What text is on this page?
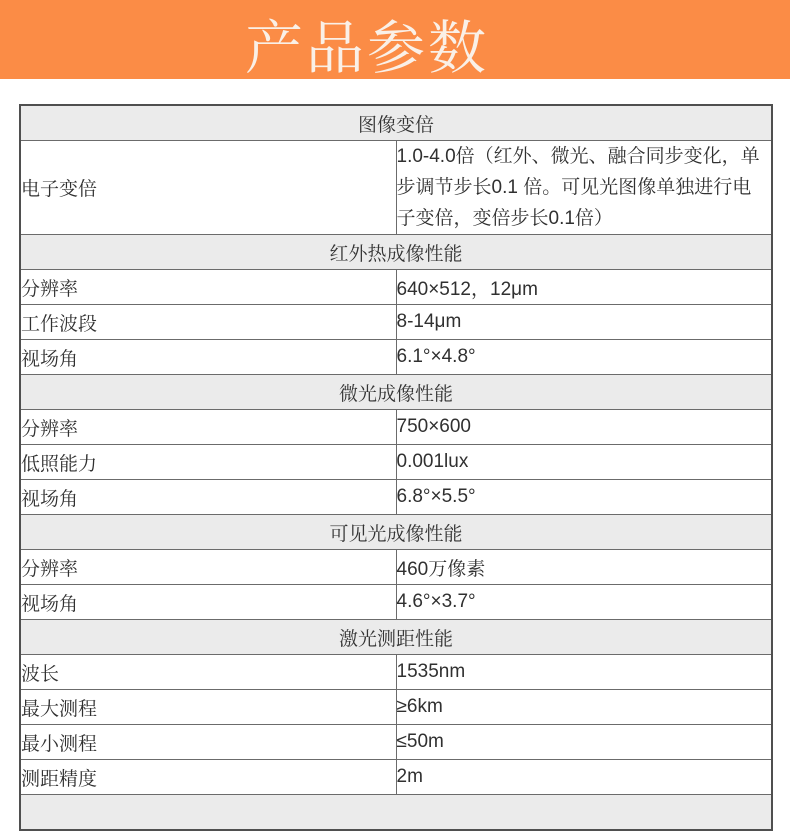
产品参数
图像变倍	
电子变倍	1.0-4.0倍（红外、微光、融合同步变化，单步调节步长0.1 倍。可见光图像单独进行电子变倍，变倍步长0.1倍）
红外热成像性能	
分辨率	640×512，12μm
工作波段	8-14μm
视场角	6.1°×4.8°
微光成像性能	
分辨率	750×600
低照能力	0.001lux
视场角	6.8°×5.5°
可见光成像性能	
分辨率	460万像素
视场角	4.6°×3.7°
激光测距性能	
波长	1535nm
最大测程	≥6km
最小测程	≤50m
测距精度	2m
